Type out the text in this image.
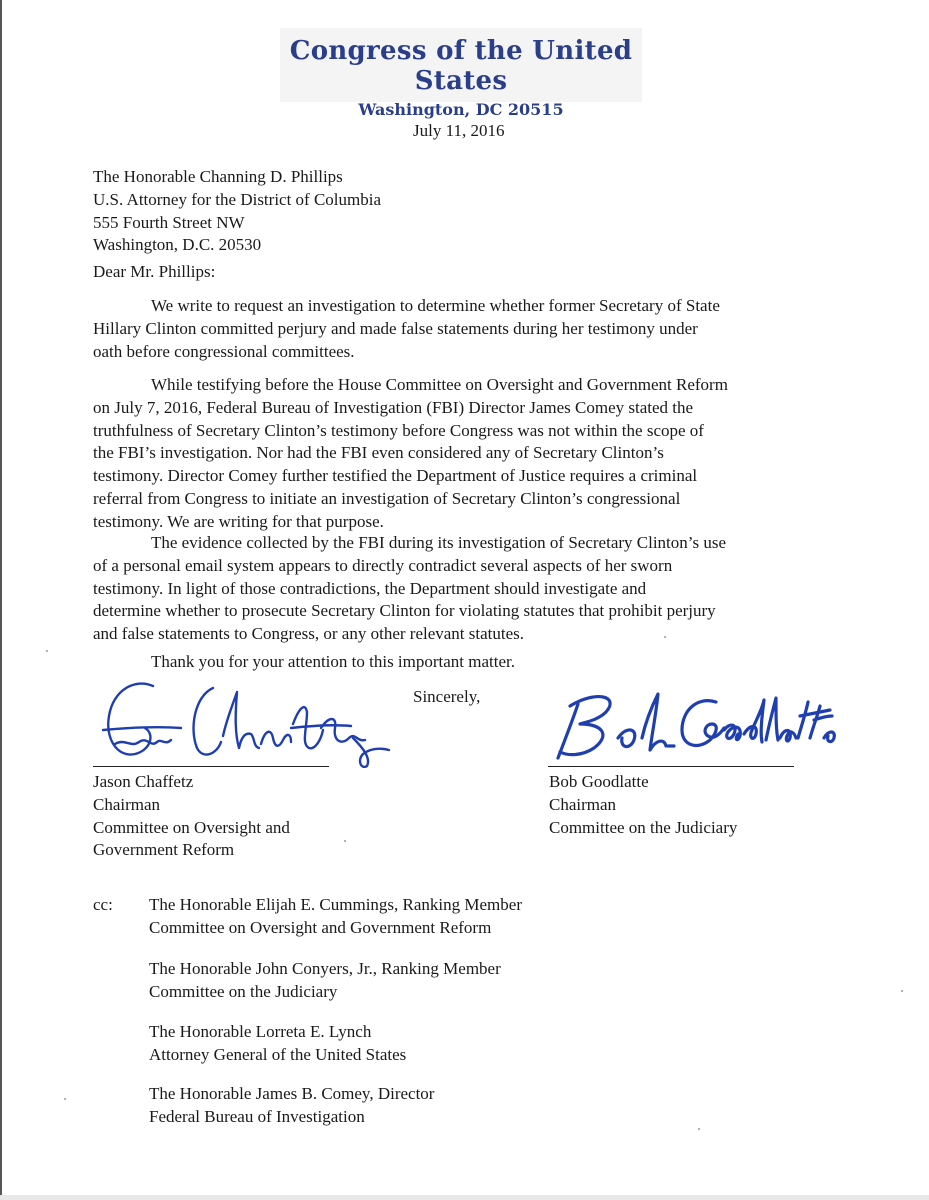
Congress of the United States
Washington, DC 20515
July 11, 2016
The Honorable Channing D. Phillips
U.S. Attorney for the District of Columbia
555 Fourth Street NW
Washington, D.C. 20530
Dear Mr. Phillips:
We write to request an investigation to determine whether former Secretary of State
Hillary Clinton committed perjury and made false statements during her testimony under
oath before congressional committees.
While testifying before the House Committee on Oversight and Government Reform
on July 7, 2016, Federal Bureau of Investigation (FBI) Director James Comey stated the
truthfulness of Secretary Clinton’s testimony before Congress was not within the scope of
the FBI’s investigation. Nor had the FBI even considered any of Secretary Clinton’s
testimony. Director Comey further testified the Department of Justice requires a criminal
referral from Congress to initiate an investigation of Secretary Clinton’s congressional
testimony. We are writing for that purpose.
The evidence collected by the FBI during its investigation of Secretary Clinton’s use
of a personal email system appears to directly contradict several aspects of her sworn
testimony. In light of those contradictions, the Department should investigate and
determine whether to prosecute Secretary Clinton for violating statutes that prohibit perjury
and false statements to Congress, or any other relevant statutes.
Thank you for your attention to this important matter.
Sincerely,
Jason Chaffetz
Chairman
Committee on Oversight and
Government Reform
Bob Goodlatte
Chairman
Committee on the Judiciary
cc: The Honorable Elijah E. Cummings, Ranking Member
Committee on Oversight and Government Reform
The Honorable John Conyers, Jr., Ranking Member
Committee on the Judiciary
The Honorable Lorreta E. Lynch
Attorney General of the United States
The Honorable James B. Comey, Director
Federal Bureau of Investigation
